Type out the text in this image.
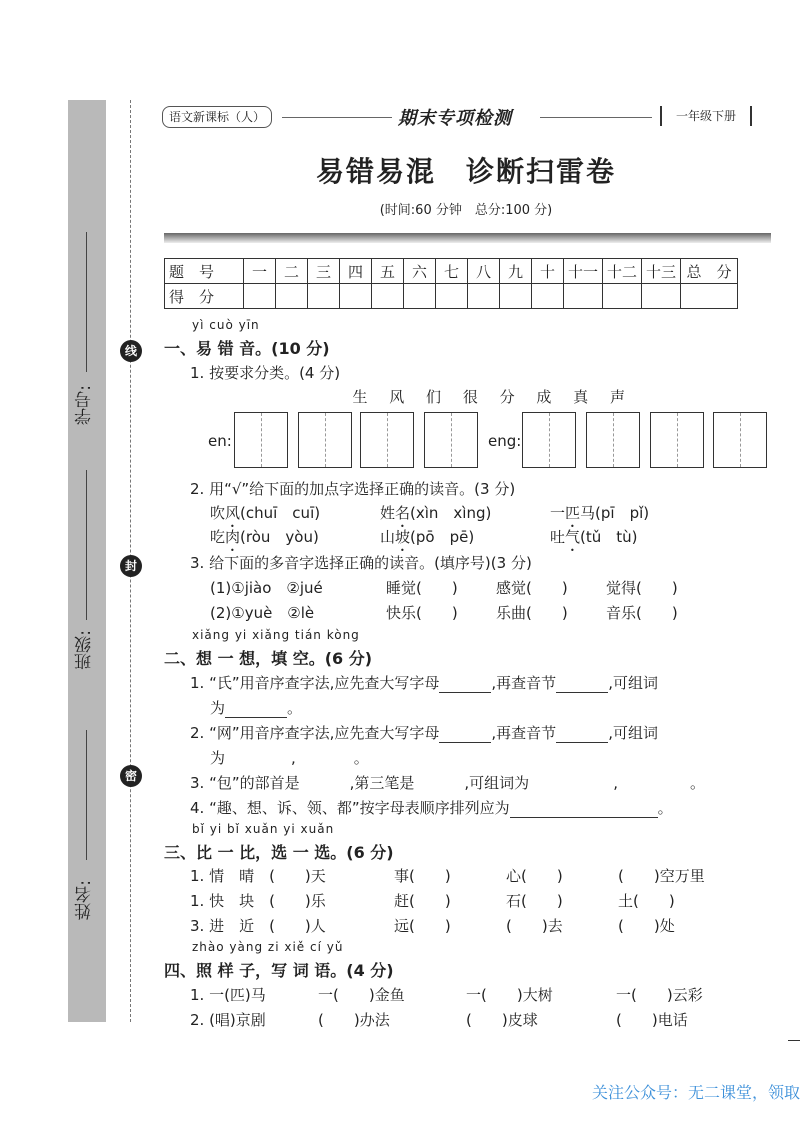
学号:
班级:
姓名:
线
封
密
语文新课标（人）	期末专项检测	一年级下册
易错易混　诊断扫雷卷
(时间:60 分钟　总分:100 分)
题　号	一	二	三	四	五	六	七	八	九	十	十一	十二	十三	总　分
得　分														
yì cuò yīn
一、易 错 音。(10 分)
1. 按要求分类。(4 分)
生 风 们 很 分 成 真 声
en:	eng:
2. 用“√”给下面的加点字选择正确的读音。(3 分)
吹风(chuī　cuī)	姓名(xìn　xìng)	一匹马(pī　pǐ)
吃肉(ròu　yòu)	山坡(pō　pē)	吐气(tǔ　tù)
3. 给下面的多音字选择正确的读音。(填序号)(3 分)
(1)①jiào　②jué	睡觉(　　)	感觉(　　)	觉得(　　)
(2)①yuè　②lè	快乐(　　)	乐曲(　　)	音乐(　　)
xiǎng yi xiǎng tián kòng
二、想 一 想，填 空。(6 分)
1. “氏”用音序查字法,应先查大写字母	,再查音节	,可组词
为	。
2. “网”用音序查字法,应先查大写字母	,再查音节	,可组词
为	,	。
3. “包”的部首是	,第三笔是	,可组词为	,	。
4. “趣、想、诉、领、都”按字母表顺序排列应为	。
bǐ yi bǐ xuǎn yi xuǎn
三、比 一 比，选 一 选。(6 分)
1. 情　晴　(　　)天	事(　　)	心(　　)	(　　)空万里
1. 快　块　(　　)乐	赶(　　)	石(　　)	土(　　)
3. 进　近　(　　)人	远(　　)	(　　)去	(　　)处
zhào yàng zi xiě cí yǔ
四、照 样 子，写 词 语。(4 分)
1. 一(匹)马	一(　　)金鱼	一(　　)大树	一(　　)云彩
2. (唱)京剧	(　　)办法	(　　)皮球	(　　)电话
关注公众号：无二课堂，领取
